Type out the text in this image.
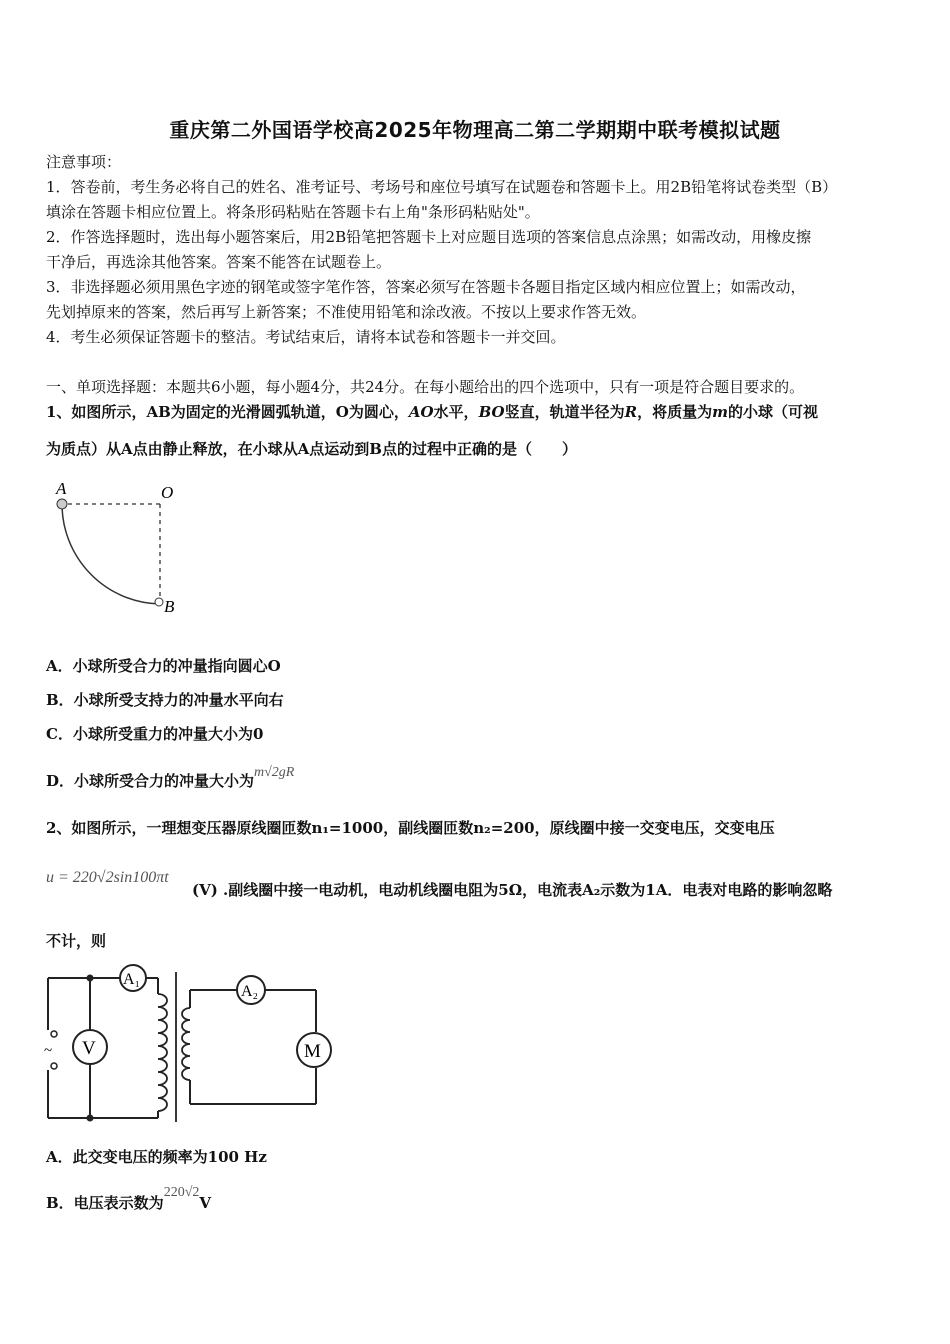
重庆第二外国语学校高2025年物理高二第二学期期中联考模拟试题
注意事项：
1．答卷前，考生务必将自己的姓名、准考证号、考场号和座位号填写在试题卷和答题卡上。用2B铅笔将试卷类型（B）
填涂在答题卡相应位置上。将条形码粘贴在答题卡右上角"条形码粘贴处"。
2．作答选择题时，选出每小题答案后，用2B铅笔把答题卡上对应题目选项的答案信息点涂黑；如需改动，用橡皮擦
干净后，再选涂其他答案。答案不能答在试题卷上。
3．非选择题必须用黑色字迹的钢笔或签字笔作答，答案必须写在答题卡各题目指定区域内相应位置上；如需改动，
先划掉原来的答案，然后再写上新答案；不准使用铅笔和涂改液。不按以上要求作答无效。
4．考生必须保证答题卡的整洁。考试结束后，请将本试卷和答题卡一并交回。
一、单项选择题：本题共6小题，每小题4分，共24分。在每小题给出的四个选项中，只有一项是符合题目要求的。
1、如图所示，AB为固定的光滑圆弧轨道，O为圆心，AO水平，BO竖直，轨道半径为R，将质量为m的小球（可视
为质点）从A点由静止释放，在小球从A点运动到B点的过程中正确的是（　　）
A	O
B
A．小球所受合力的冲量指向圆心O
B．小球所受支持力的冲量水平向右
C．小球所受重力的冲量大小为0
D．小球所受合力的冲量大小为m√2gR
2、如图所示，一理想变压器原线圈匝数n₁=1000，副线圈匝数n₂=200，原线圈中接一交变电压，交变电压
u = 220√2sin100πt
(V) .副线圈中接一电动机，电动机线圈电阻为5Ω，电流表A₂示数为1A．电表对电路的影响忽略
不计，则
~
A₁
V
A₂
M
A．此交变电压的频率为100 Hz
B．电压表示数为220√2V
